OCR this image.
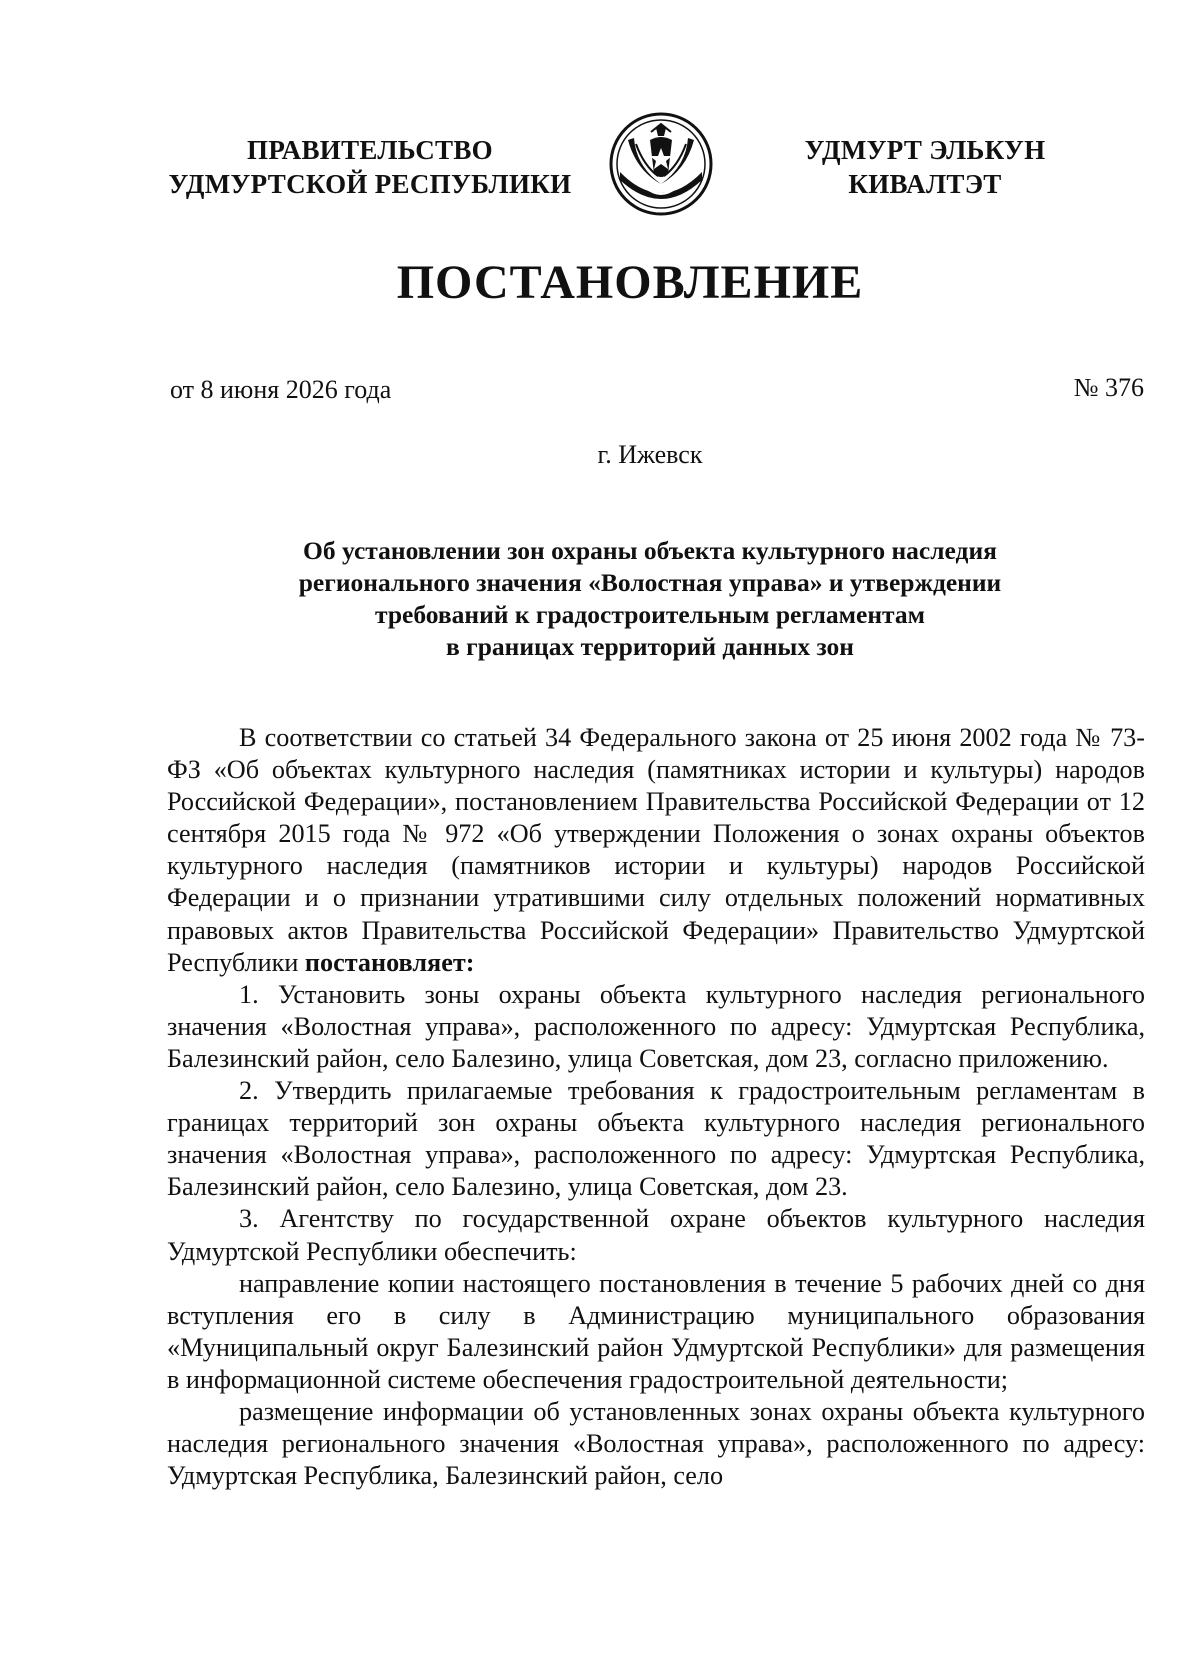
ПРАВИТЕЛЬСТВО
УДМУРТСКОЙ РЕСПУБЛИКИ
УДМУРТ ЭЛЬКУН
КИВАЛТЭТ
ПОСТАНОВЛЕНИЕ
от 8 июня 2026 года	№ 376
г. Ижевск
Об установлении зон охраны объекта культурного наследия
регионального значения «Волостная управа» и утверждении
требований к градостроительным регламентам
в границах территорий данных зон

В соответствии со статьей 34 Федерального закона от 25 июня 2002 года № 73-ФЗ «Об объектах культурного наследия (памятниках истории и культуры) народов Российской Федерации», постановлением Правительства Российской Федерации от 12 сентября 2015 года № 972 «Об утверждении Положения о зонах охраны объектов культурного наследия (памятников истории и культуры) народов Российской Федерации и о признании утратившими силу отдельных положений нормативных правовых актов Правительства Российской Федерации» Правительство Удмуртской Республики постановляет:

1. Установить зоны охраны объекта культурного наследия регионального значения «Волостная управа», расположенного по адресу: Удмуртская Республика, Балезинский район, село Балезино, улица Советская, дом 23, согласно приложению.

2. Утвердить прилагаемые требования к градостроительным регламентам в границах территорий зон охраны объекта культурного наследия регионального значения «Волостная управа», расположенного по адресу: Удмуртская Республика, Балезинский район, село Балезино, улица Советская, дом 23.

3. Агентству по государственной охране объектов культурного наследия Удмуртской Республики обеспечить:

направление копии настоящего постановления в течение 5 рабочих дней со дня вступления его в силу в Администрацию муниципального образования «Муниципальный округ Балезинский район Удмуртской Республики» для размещения в информационной системе обеспечения градостроительной деятельности;

размещение информации об установленных зонах охраны объекта культурного наследия регионального значения «Волостная управа», расположенного по адресу: Удмуртская Республика, Балезинский район, село
